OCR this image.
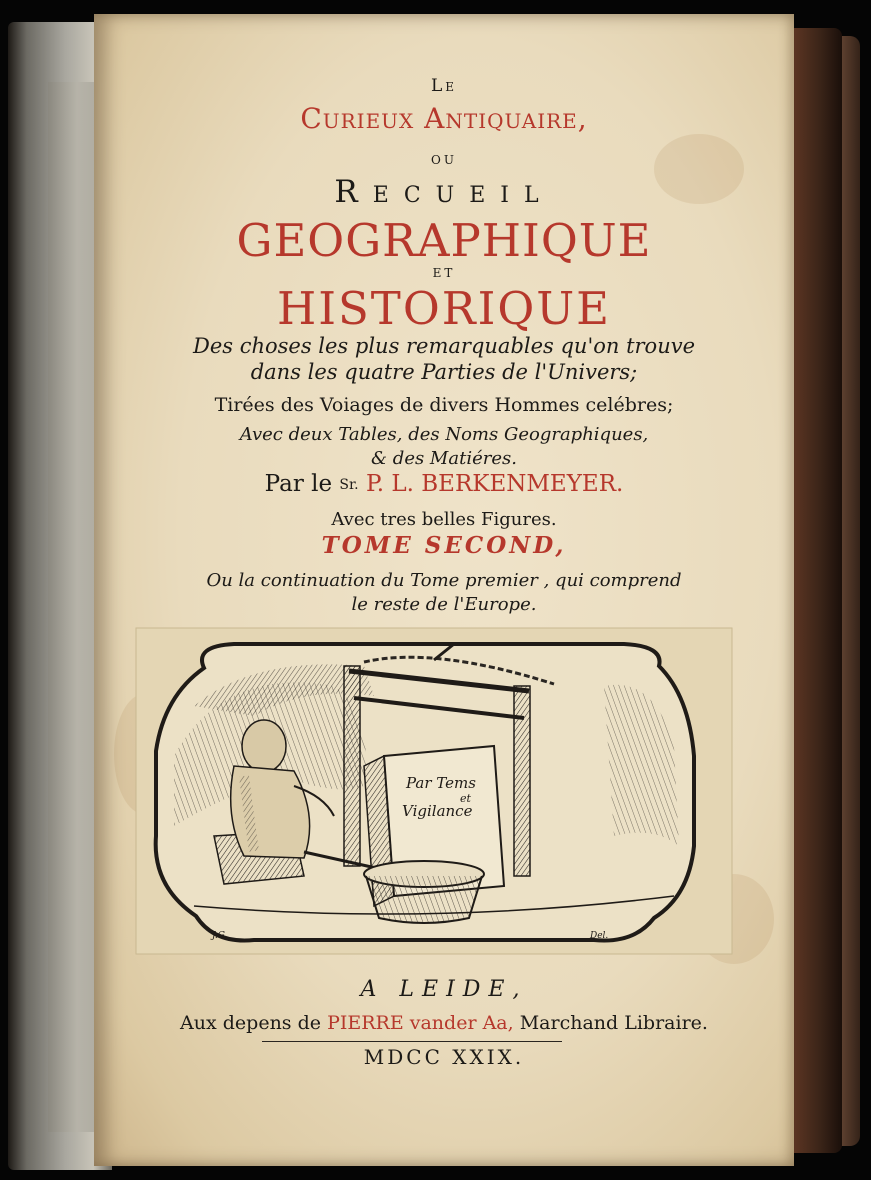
Le
Curieux Antiquaire,
ou
Recueil
GEOGRAPHIQUE
et
HISTORIQUE
Des choses les plus remarquables qu'on trouve
dans les quatre Parties de l'Univers;
Tirées des Voiages de divers Hommes celébres;
Avec deux Tables, des Noms Geographiques,
& des Matiéres.
Par le Sr. P. L. BERKENMEYER.
Avec tres belles Figures.
TOME SECOND,
Ou la continuation du Tome premier , qui comprend
le reste de l'Europe.
Par Tems
et
Vigilance
J.G.	Del.
A LEIDE,
Aux depens de PIERRE vander Aa, Marchand Libraire.
MDCC XXIX.
